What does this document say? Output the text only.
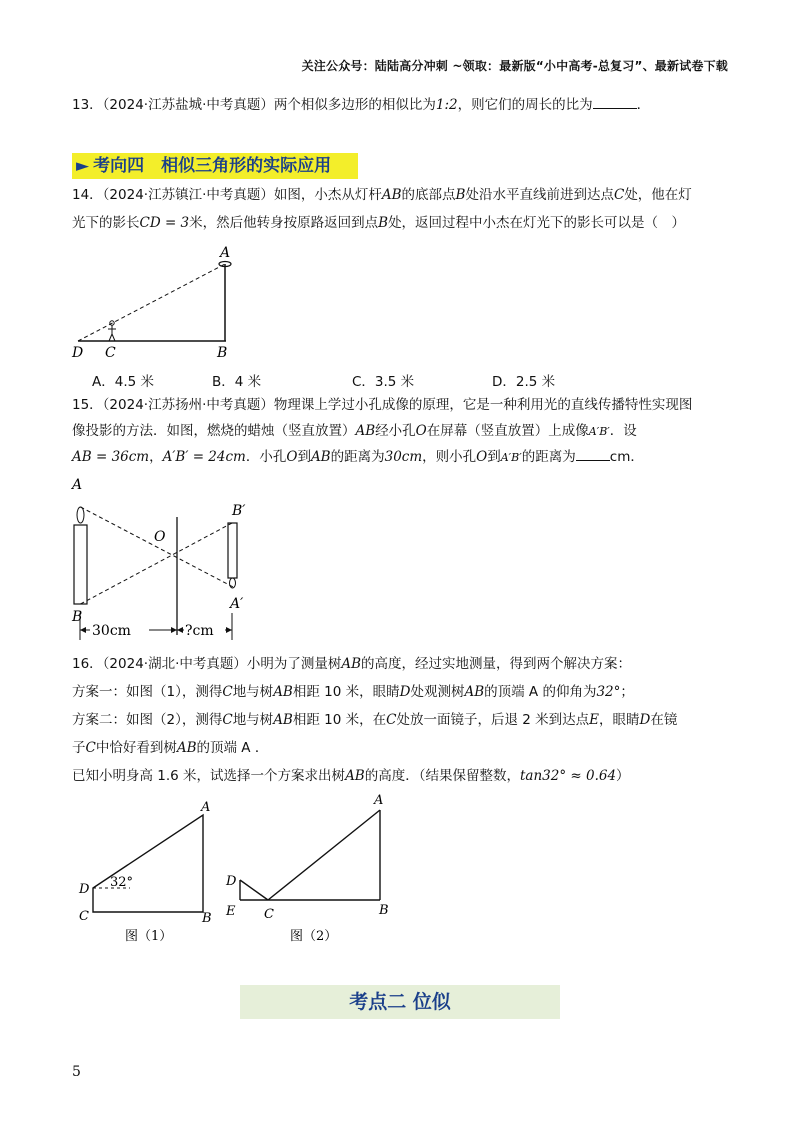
关注公众号：陆陆高分冲刺 ~领取：最新版“小中高考-总复习”、最新试卷下载
13．（2024·江苏盐城·中考真题）两个相似多边形的相似比为1:2，则它们的周长的比为	．
► 考向四　相似三角形的实际应用
14．（2024·江苏镇江·中考真题）如图，小杰从灯杆AB的底部点B处沿水平直线前进到达点C处，他在灯
光下的影长CD = 3米，然后他转身按原路返回到点B处，返回过程中小杰在灯光下的影长可以是（　）
A
D C	B
A．4.5 米	B．4 米	C．3.5 米	D．2.5 米
15．（2024·江苏扬州·中考真题）物理课上学过小孔成像的原理，它是一种利用光的直线传播特性实现图
像投影的方法．如图，燃烧的蜡烛（竖直放置）AB经小孔O在屏幕（竖直放置）上成像A′B′．设
AB = 36cm，A′B′ = 24cm．小孔O到AB的距离为30cm，则小孔O到A′B′的距离为	cm．
30cm	?cm
A
B
O
B′
A′
16．（2024·湖北·中考真题）小明为了测量树AB的高度，经过实地测量，得到两个解决方案：
方案一：如图（1），测得C地与树AB相距 10 米，眼睛D处观测树AB的顶端 A 的仰角为32°；
方案二：如图（2），测得C地与树AB相距 10 米，在C处放一面镜子，后退 2 米到达点E，眼睛D在镜
子C中恰好看到树AB的顶端 A ．
已知小明身高 1.6 米，试选择一个方案求出树AB的高度．（结果保留整数，tan32° ≈ 0.64）
D 32°
C
A
B
图（1）
D
E C
A
B
图（2）
考点二 位似
5
